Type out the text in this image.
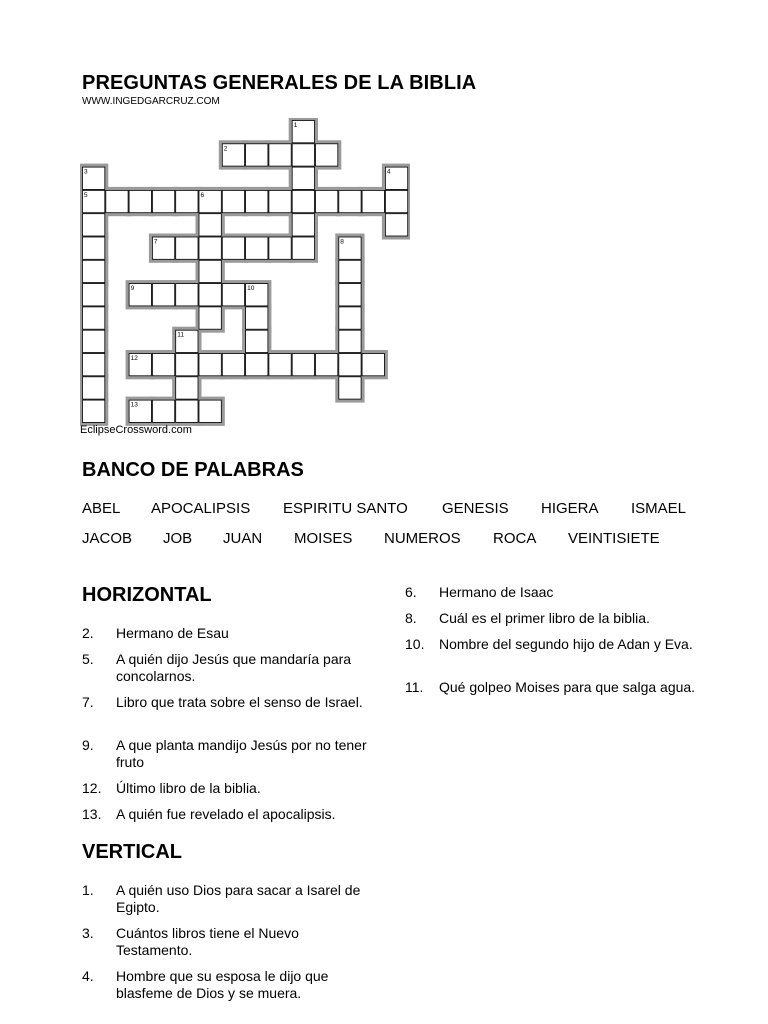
PREGUNTAS GENERALES DE LA BIBLIA
WWW.INGEDGARCRUZ.COM
1
2
3
5
4
6
7	8
9	10
11
12
13
EclipseCrossword.com
BANCO DE PALABRAS
ABEL APOCALIPSIS ESPIRITU SANTO GENESIS HIGERA ISMAEL
JACOB JOB JUAN MOISES NUMEROS ROCA VEINTISIETE
HORIZONTAL
2. Hermano de Esau
5. A quién dijo Jesús que mandaría para concolarnos.
7. Libro que trata sobre el senso de Israel.
9. A que planta mandijo Jesús por no tener fruto
12. Último libro de la biblia.
13. A quién fue revelado el apocalipsis.
VERTICAL
1. A quién uso Dios para sacar a Isarel de Egipto.
3. Cuántos libros tiene el Nuevo Testamento.
4. Hombre que su esposa le dijo que blasfeme de Dios y se muera.
6. Hermano de Isaac
8. Cuál es el primer libro de la biblia.
10. Nombre del segundo hijo de Adan y Eva.
11. Qué golpeo Moises para que salga agua.
